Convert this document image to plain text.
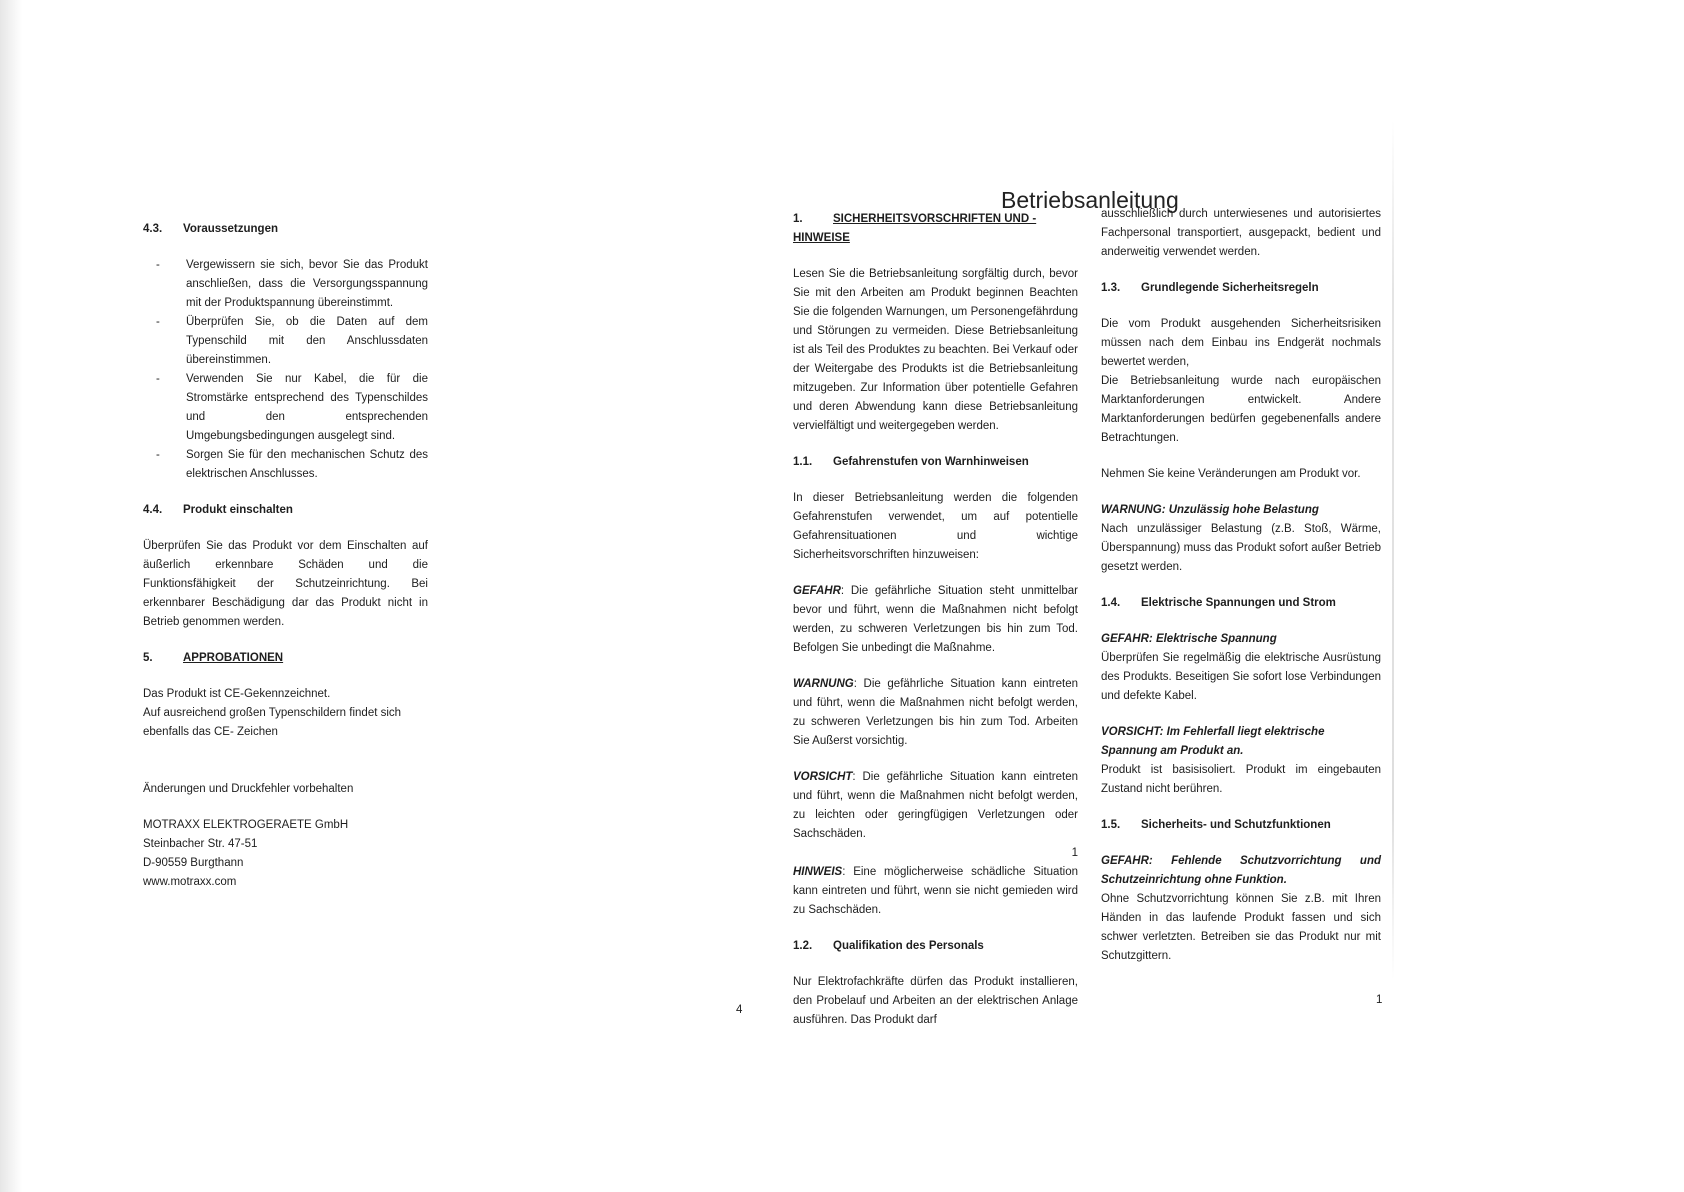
4.3. Voraussetzungen

- Vergewissern sie sich, bevor Sie das Produkt anschließen, dass die Versorgungsspannung mit der Produktspannung übereinstimmt.
- Überprüfen Sie, ob die Daten auf dem Typenschild mit den Anschlussdaten übereinstimmen.
- Verwenden Sie nur Kabel, die für die Stromstärke entsprechend des Typenschildes und den entsprechenden Umgebungsbedingungen ausgelegt sind.
- Sorgen Sie für den mechanischen Schutz des elektrischen Anschlusses.

4.4. Produkt einschalten

Überprüfen Sie das Produkt vor dem Einschalten auf äußerlich erkennbare Schäden und die Funktionsfähigkeit der Schutzeinrichtung. Bei erkennbarer Beschädigung dar das Produkt nicht in Betrieb genommen werden.

5.	APPROBATIONEN

Das Produkt ist CE-Gekennzeichnet.

Auf ausreichend großen Typenschildern findet sich ebenfalls das CE- Zeichen

Änderungen und Druckfehler vorbehalten

MOTRAXX ELEKTROGERAETE GmbH

Steinbacher Str. 47-51

D-90559 Burgthann

www.motraxx.com

4
Betriebsanleitung

1.	SICHERHEITSVORSCHRIFTEN UND -HINWEISE

Lesen Sie die Betriebsanleitung sorgfältig durch, bevor Sie mit den Arbeiten am Produkt beginnen Beachten Sie die folgenden Warnungen, um Personengefährdung und Störungen zu vermeiden. Diese Betriebsanleitung ist als Teil des Produktes zu beachten. Bei Verkauf oder der Weitergabe des Produkts ist die Betriebsanleitung mitzugeben. Zur Information über potentielle Gefahren und deren Abwendung kann diese Betriebsanleitung vervielfältigt und weitergegeben werden.

1.1. Gefahrenstufen von Warnhinweisen

In dieser Betriebsanleitung werden die folgenden Gefahrenstufen verwendet, um auf potentielle Gefahrensituationen und wichtige Sicherheitsvorschriften hinzuweisen:

GEFAHR: Die gefährliche Situation steht unmittelbar bevor und führt, wenn die Maßnahmen nicht befolgt werden, zu schweren Verletzungen bis hin zum Tod. Befolgen Sie unbedingt die Maßnahme.

WARNUNG: Die gefährliche Situation kann eintreten und führt, wenn die Maßnahmen nicht befolgt werden, zu schweren Verletzungen bis hin zum Tod. Arbeiten Sie Außerst vorsichtig.

VORSICHT: Die gefährliche Situation kann eintreten und führt, wenn die Maßnahmen nicht befolgt werden, zu leichten oder geringfügigen Verletzungen oder Sachschäden.

1

HINWEIS: Eine möglicherweise schädliche Situation kann eintreten und führt, wenn sie nicht gemieden wird zu Sachschäden.

1.2. Qualifikation des Personals

Nur Elektrofachkräfte dürfen das Produkt installieren, den Probelauf und Arbeiten an der elektrischen Anlage ausführen. Das Produkt darf

ausschließlich durch unterwiesenes und autorisiertes Fachpersonal transportiert, ausgepackt, bedient und anderweitig verwendet werden.

1.3. Grundlegende Sicherheitsregeln

Die vom Produkt ausgehenden Sicherheitsrisiken müssen nach dem Einbau ins Endgerät nochmals bewertet werden,

Die Betriebsanleitung wurde nach europäischen Marktanforderungen entwickelt. Andere Marktanforderungen bedürfen gegebenenfalls andere Betrachtungen.

Nehmen Sie keine Veränderungen am Produkt vor.

WARNUNG: Unzulässig hohe Belastung

Nach unzulässiger Belastung (z.B. Stoß, Wärme, Überspannung) muss das Produkt sofort außer Betrieb gesetzt werden.

1.4. Elektrische Spannungen und Strom

GEFAHR: Elektrische Spannung

Überprüfen Sie regelmäßig die elektrische Ausrüstung des Produkts. Beseitigen Sie sofort lose Verbindungen und defekte Kabel.

VORSICHT: Im Fehlerfall liegt elektrische Spannung am Produkt an.

Produkt ist basisisoliert. Produkt im eingebauten Zustand nicht berühren.

1.5. Sicherheits- und Schutzfunktionen

GEFAHR: Fehlende Schutzvorrichtung und Schutzeinrichtung ohne Funktion.

Ohne Schutzvorrichtung können Sie z.B. mit Ihren Händen in das laufende Produkt fassen und sich schwer verletzten. Betreiben sie das Produkt nur mit Schutzgittern.

1
